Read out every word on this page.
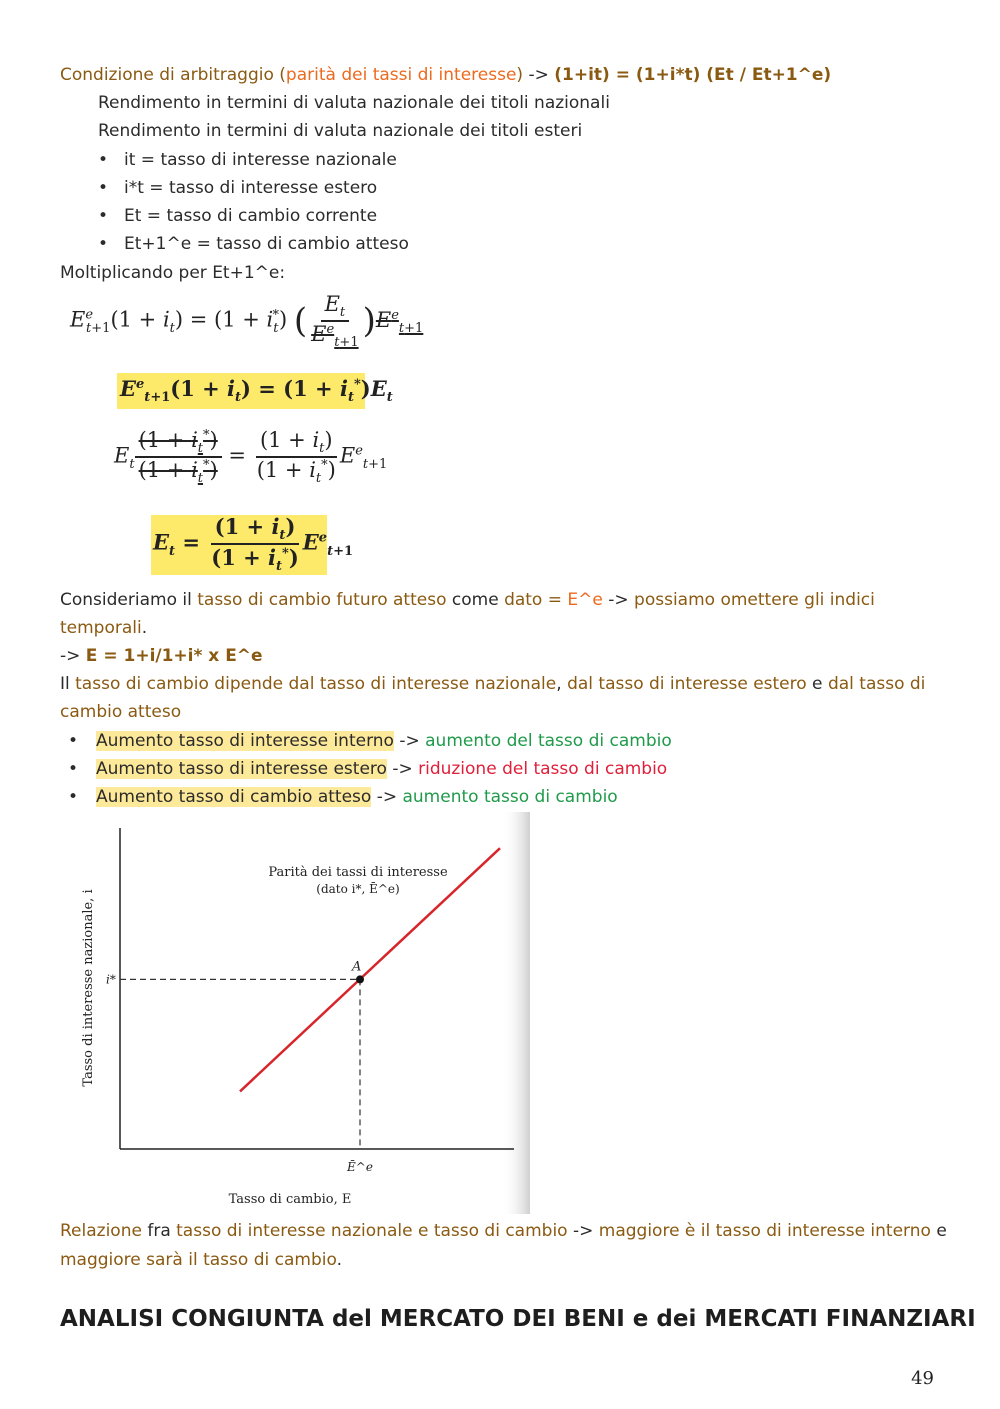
Condizione di arbitraggio (parità dei tassi di interesse) -> (1+it) = (1+i*t) (Et / Et+1^e)
Rendimento in termini di valuta nazionale dei titoli nazionali
Rendimento in termini di valuta nazionale dei titoli esteri
• it = tasso di interesse nazionale
• i*t = tasso di interesse estero
• Et = tasso di cambio corrente
• Et+1^e = tasso di cambio atteso
Moltiplicando per Et+1^e:
$E^e_{t+1}(1 + i_t) = (1 + i_t^*)$ ( $\frac{E_t}{E^e_{t+1}} )E^e_{t+1}$
$E^e_{t+1}(1 + i_t) = (1 + i_t^*)E_t$
$E_t \frac{(1 + i_t^*)}{(1 + i_t^*)} = \frac{(1 + i_t)}{(1 + i_t^*)} E^e_{t+1}$
$E_t = \frac{(1 + i_t)}{(1 + i_t^*)} E^e_{t+1}$
Consideriamo il tasso di cambio futuro atteso come dato = E^e -> possiamo omettere gli indici
temporali.
-> E = 1+i/1+i* x E^e
Il tasso di cambio dipende dal tasso di interesse nazionale, dal tasso di interesse estero e dal tasso di
cambio atteso
• Aumento tasso di interesse interno -> aumento del tasso di cambio
• Aumento tasso di interesse estero -> riduzione del tasso di cambio
• Aumento tasso di cambio atteso -> aumento tasso di cambio
A
i*
Ē^e
Parità dei tassi di interesse
(dato i*, Ē^e)
Tasso di cambio, E
Tasso di interesse nazionale, i
Relazione fra tasso di interesse nazionale e tasso di cambio -> maggiore è il tasso di interesse interno e
maggiore sarà il tasso di cambio.
ANALISI CONGIUNTA del MERCATO DEI BENI e dei MERCATI FINANZIARI
49
